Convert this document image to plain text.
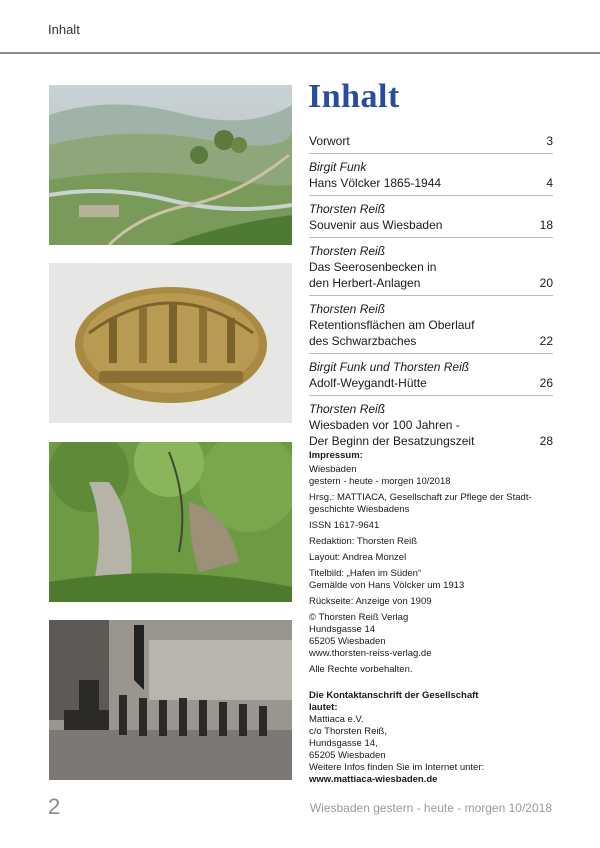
Inhalt
Inhalt
Vorwort	3
Birgit Funk
Hans Völcker 1865-1944	4
Thorsten Reiß
Souvenir aus Wiesbaden	18
Thorsten Reiß
Das Seerosenbecken in
den Herbert-Anlagen	20
Thorsten Reiß
Retentionsflächen am Oberlauf
des Schwarzbaches	22
Birgit Funk und Thorsten Reiß
Adolf-Weygandt-Hütte	26
Thorsten Reiß
Wiesbaden vor 100 Jahren -
Der Beginn der Besatzungszeit	28
Impressum:
Wiesbaden
gestern - heute - morgen 10/2018
Hrsg.: MATTIACA, Gesellschaft zur Pflege der Stadt-
geschichte Wiesbadens
ISSN 1617-9641
Redaktion: Thorsten Reiß
Layout: Andrea Monzel
Titelbild: „Hafen im Süden“
Gemälde von Hans Völcker um 1913
Rückseite: Anzeige von 1909
© Thorsten Reiß Verlag
Hundsgasse 14
65205 Wiesbaden
www.thorsten-reiss-verlag.de
Alle Rechte vorbehalten.
Die Kontaktanschrift der Gesellschaft
lautet:
Mattiaca e.V.
c/o Thorsten Reiß,
Hundsgasse 14,
65205 Wiesbaden
Weitere Infos finden Sie im Internet unter:
www.mattiaca-wiesbaden.de
2	Wiesbaden gestern - heute - morgen 10/2018
